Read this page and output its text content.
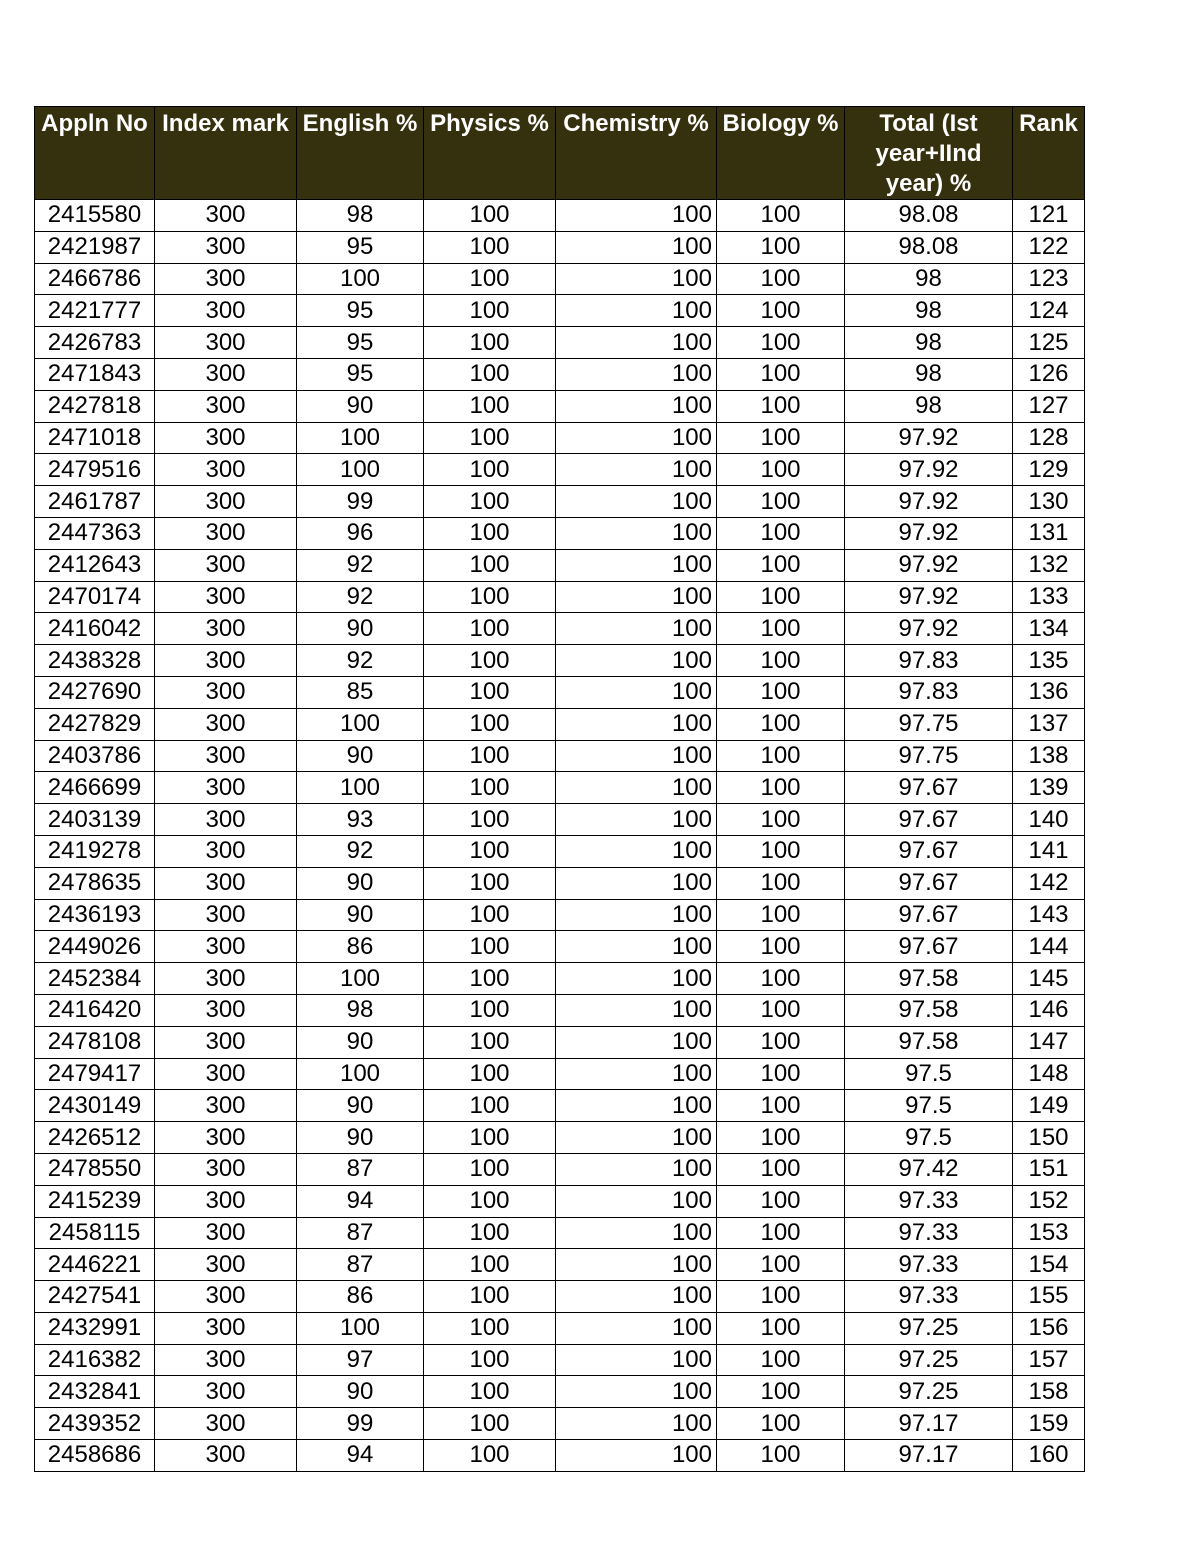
Appln No	Index mark	English %	Physics %	Chemistry %	Biology %	Total (Ist year+IInd year) %	Rank
2415580	300	98	100	100	100	98.08	121
2421987	300	95	100	100	100	98.08	122
2466786	300	100	100	100	100	98	123
2421777	300	95	100	100	100	98	124
2426783	300	95	100	100	100	98	125
2471843	300	95	100	100	100	98	126
2427818	300	90	100	100	100	98	127
2471018	300	100	100	100	100	97.92	128
2479516	300	100	100	100	100	97.92	129
2461787	300	99	100	100	100	97.92	130
2447363	300	96	100	100	100	97.92	131
2412643	300	92	100	100	100	97.92	132
2470174	300	92	100	100	100	97.92	133
2416042	300	90	100	100	100	97.92	134
2438328	300	92	100	100	100	97.83	135
2427690	300	85	100	100	100	97.83	136
2427829	300	100	100	100	100	97.75	137
2403786	300	90	100	100	100	97.75	138
2466699	300	100	100	100	100	97.67	139
2403139	300	93	100	100	100	97.67	140
2419278	300	92	100	100	100	97.67	141
2478635	300	90	100	100	100	97.67	142
2436193	300	90	100	100	100	97.67	143
2449026	300	86	100	100	100	97.67	144
2452384	300	100	100	100	100	97.58	145
2416420	300	98	100	100	100	97.58	146
2478108	300	90	100	100	100	97.58	147
2479417	300	100	100	100	100	97.5	148
2430149	300	90	100	100	100	97.5	149
2426512	300	90	100	100	100	97.5	150
2478550	300	87	100	100	100	97.42	151
2415239	300	94	100	100	100	97.33	152
2458115	300	87	100	100	100	97.33	153
2446221	300	87	100	100	100	97.33	154
2427541	300	86	100	100	100	97.33	155
2432991	300	100	100	100	100	97.25	156
2416382	300	97	100	100	100	97.25	157
2432841	300	90	100	100	100	97.25	158
2439352	300	99	100	100	100	97.17	159
2458686	300	94	100	100	100	97.17	160
